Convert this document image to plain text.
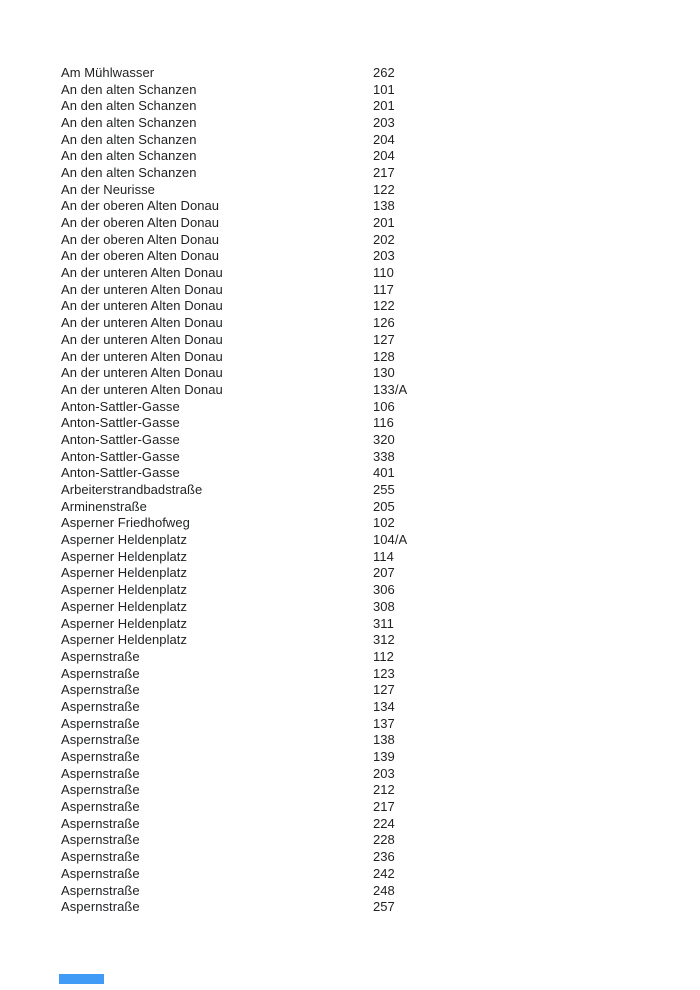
Am Mühlwasser	262
An den alten Schanzen	101
An den alten Schanzen	201
An den alten Schanzen	203
An den alten Schanzen	204
An den alten Schanzen	204
An den alten Schanzen	217
An der Neurisse	122
An der oberen Alten Donau	138
An der oberen Alten Donau	201
An der oberen Alten Donau	202
An der oberen Alten Donau	203
An der unteren Alten Donau	110
An der unteren Alten Donau	117
An der unteren Alten Donau	122
An der unteren Alten Donau	126
An der unteren Alten Donau	127
An der unteren Alten Donau	128
An der unteren Alten Donau	130
An der unteren Alten Donau	133/A
Anton-Sattler-Gasse	106
Anton-Sattler-Gasse	116
Anton-Sattler-Gasse	320
Anton-Sattler-Gasse	338
Anton-Sattler-Gasse	401
Arbeiterstrandbadstraße	255
Arminenstraße	205
Asperner Friedhofweg	102
Asperner Heldenplatz	104/A
Asperner Heldenplatz	114
Asperner Heldenplatz	207
Asperner Heldenplatz	306
Asperner Heldenplatz	308
Asperner Heldenplatz	311
Asperner Heldenplatz	312
Aspernstraße	112
Aspernstraße	123
Aspernstraße	127
Aspernstraße	134
Aspernstraße	137
Aspernstraße	138
Aspernstraße	139
Aspernstraße	203
Aspernstraße	212
Aspernstraße	217
Aspernstraße	224
Aspernstraße	228
Aspernstraße	236
Aspernstraße	242
Aspernstraße	248
Aspernstraße	257
